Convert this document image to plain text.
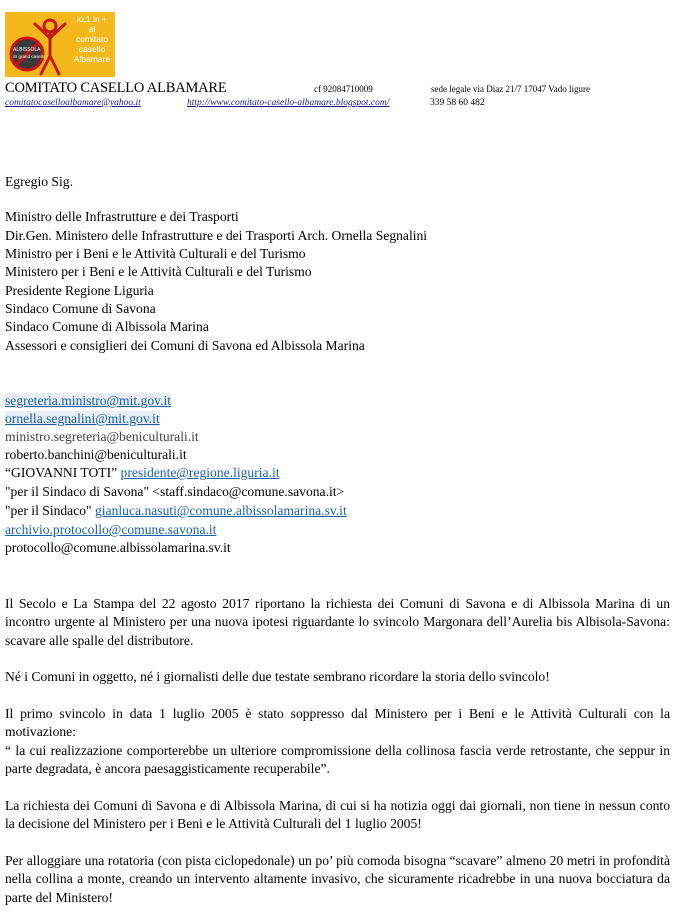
ALBISSOLA
SI grand casello
io,1 in +
al
comitato
casello
Albamare
COMITATO CASELLO ALBAMARE	cf 92084710009	sede legale via Diaz 21/7 17047 Vado ligure
comitatocaselloalbamare@yahoo.it	http://www.comitato-casello-albamare.blogspot.com/	339 58 60 482
Egregio Sig.
Ministro delle Infrastrutture e dei Trasporti
Dir.Gen. Ministero delle Infrastrutture e dei Trasporti Arch. Ornella Segnalini
Ministro per i Beni e le Attività Culturali e del Turismo
Ministero per i Beni e le Attività Culturali e del Turismo
Presidente Regione Liguria
Sindaco Comune di Savona
Sindaco Comune di Albissola Marina
Assessori e consiglieri dei Comuni di Savona ed Albissola Marina
segreteria.ministro@mit.gov.it
ornella.segnalini@mit.gov.it
ministro.segreteria@beniculturali.it
roberto.banchini@beniculturali.it
“GIOVANNI TOTI” presidente@regione.liguria.it
"per il Sindaco di Savona" <staff.sindaco@comune.savona.it>
"per il Sindaco" gianluca.nasuti@comune.albissolamarina.sv.it
archivio.protocollo@comune.savona.it
protocollo@comune.albissolamarina.sv.it
Il Secolo e La Stampa del 22 agosto 2017 riportano la richiesta dei Comuni di Savona e di Albissola Marina di un incontro urgente al Ministero per una nuova ipotesi riguardante lo svincolo Margonara dell’Aurelia bis Albisola-Savona: scavare alle spalle del distributore.
Né i Comuni in oggetto, né i giornalisti delle due testate sembrano ricordare la storia dello svincolo!
Il primo svincolo in data 1 luglio 2005 è stato soppresso dal Ministero per i Beni e le Attività Culturali con la motivazione:
“ la cui realizzazione comporterebbe un ulteriore compromissione della collinosa fascia verde retrostante, che seppur in parte degradata, è ancora paesaggisticamente recuperabile”.
La richiesta dei Comuni di Savona e di Albissola Marina, di cui si ha notizia oggi dai giornali, non tiene in nessun conto la decisione del Ministero per i Beni e le Attività Culturali del 1 luglio 2005!
Per alloggiare una rotatoria (con pista ciclopedonale) un po’ più comoda bisogna “scavare” almeno 20 metri in profondità nella collina a monte, creando un intervento altamente invasivo, che sicuramente ricadrebbe in una nuova bocciatura da parte del Ministero!
